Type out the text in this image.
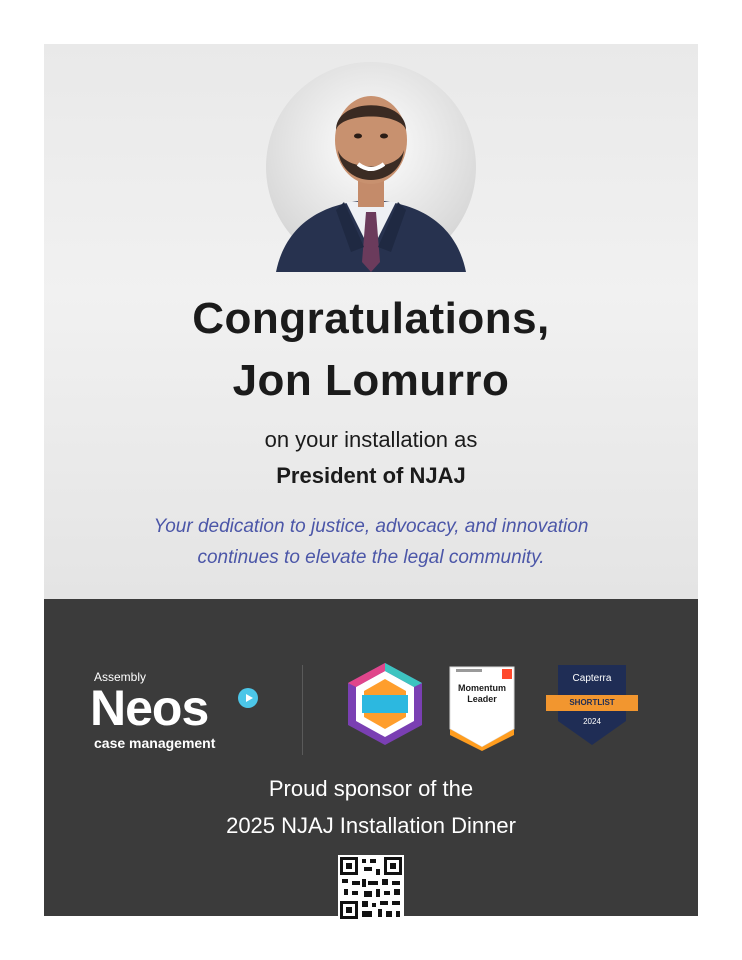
Congratulations,
Jon Lomurro
on your installation as
President of NJAJ
Your dedication to justice, advocacy, and innovation
continues to elevate the legal community.
Assembly
Neos
case management
Momentum Leader
Capterra
SHORTLIST
2024
Proud sponsor of the
2025 NJAJ Installation Dinner
Learn More
